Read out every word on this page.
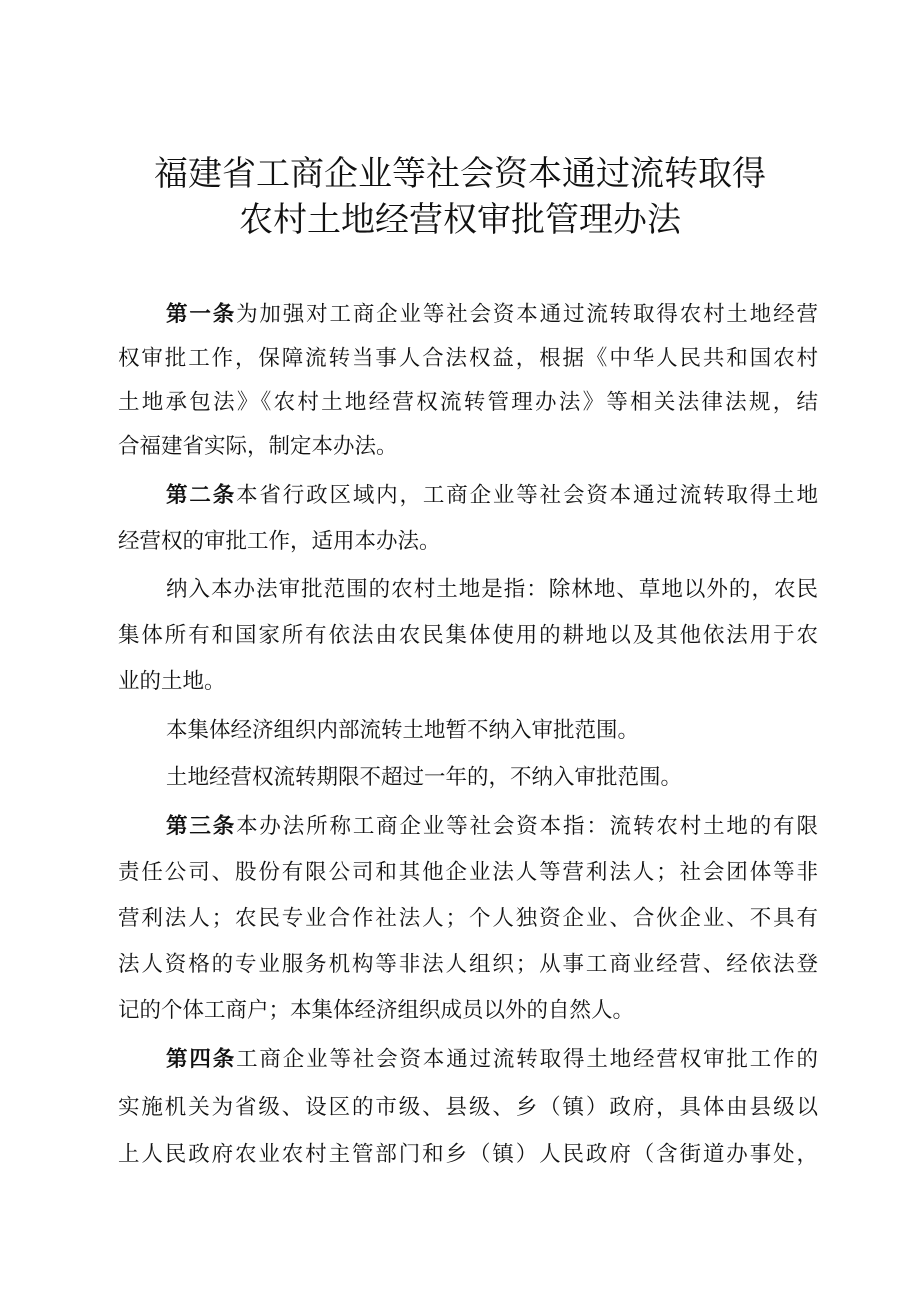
福建省工商企业等社会资本通过流转取得
农村土地经营权审批管理办法
第一条为加强对工商企业等社会资本通过流转取得农村土地经营
权审批工作，保障流转当事人合法权益，根据《中华人民共和国农村
土地承包法》《农村土地经营权流转管理办法》等相关法律法规，结
合福建省实际，制定本办法。
第二条本省行政区域内，工商企业等社会资本通过流转取得土地
经营权的审批工作，适用本办法。
纳入本办法审批范围的农村土地是指：除林地、草地以外的，农民
集体所有和国家所有依法由农民集体使用的耕地以及其他依法用于农
业的土地。
本集体经济组织内部流转土地暂不纳入审批范围。
土地经营权流转期限不超过一年的，不纳入审批范围。
第三条本办法所称工商企业等社会资本指：流转农村土地的有限
责任公司、股份有限公司和其他企业法人等营利法人；社会团体等非
营利法人；农民专业合作社法人；个人独资企业、合伙企业、不具有
法人资格的专业服务机构等非法人组织；从事工商业经营、经依法登
记的个体工商户；本集体经济组织成员以外的自然人。
第四条工商企业等社会资本通过流转取得土地经营权审批工作的
实施机关为省级、设区的市级、县级、乡（镇）政府，具体由县级以
上人民政府农业农村主管部门和乡（镇）人民政府（含街道办事处，
